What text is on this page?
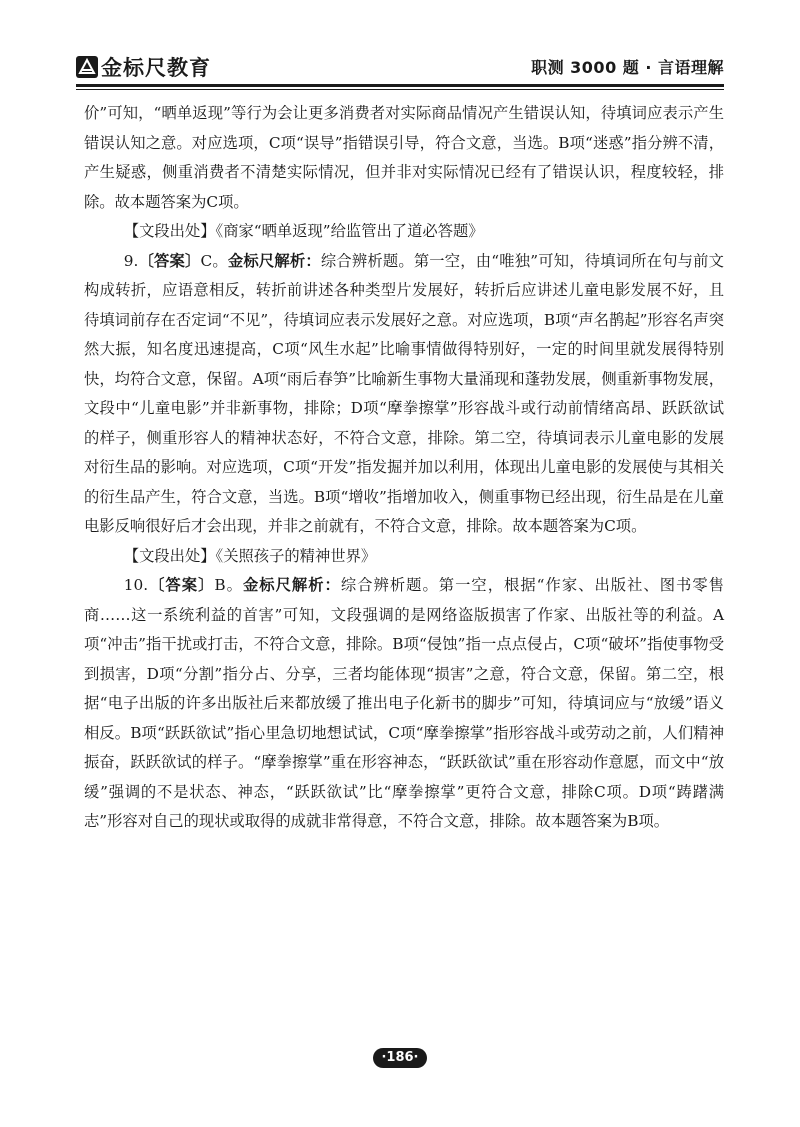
金标尺教育	职测 3000 题 · 言语理解

价”可知，“晒单返现”等行为会让更多消费者对实际商品情况产生错误认知，待填词应表示产生错误认知之意。对应选项，C项“误导”指错误引导，符合文意，当选。B项“迷惑”指分辨不清，产生疑惑，侧重消费者不清楚实际情况，但并非对实际情况已经有了错误认识，程度较轻，排除。故本题答案为C项。

【文段出处】《商家“晒单返现”给监管出了道必答题》

9.〔答案〕C。金标尺解析：综合辨析题。第一空，由“唯独”可知，待填词所在句与前文构成转折，应语意相反，转折前讲述各种类型片发展好，转折后应讲述儿童电影发展不好，且待填词前存在否定词“不见”，待填词应表示发展好之意。对应选项，B项“声名鹊起”形容名声突然大振，知名度迅速提高，C项“风生水起”比喻事情做得特别好，一定的时间里就发展得特别快，均符合文意，保留。A项“雨后春笋”比喻新生事物大量涌现和蓬勃发展，侧重新事物发展，文段中“儿童电影”并非新事物，排除；D项“摩拳擦掌”形容战斗或行动前情绪高昂、跃跃欲试的样子，侧重形容人的精神状态好，不符合文意，排除。第二空，待填词表示儿童电影的发展对衍生品的影响。对应选项，C项“开发”指发掘并加以利用，体现出儿童电影的发展使与其相关的衍生品产生，符合文意，当选。B项“增收”指增加收入，侧重事物已经出现，衍生品是在儿童电影反响很好后才会出现，并非之前就有，不符合文意，排除。故本题答案为C项。

【文段出处】《关照孩子的精神世界》

10.〔答案〕B。金标尺解析：综合辨析题。第一空，根据“作家、出版社、图书零售商……这一系统利益的首害”可知，文段强调的是网络盗版损害了作家、出版社等的利益。A项“冲击”指干扰或打击，不符合文意，排除。B项“侵蚀”指一点点侵占，C项“破坏”指使事物受到损害，D项“分割”指分占、分享，三者均能体现“损害”之意，符合文意，保留。第二空，根据“电子出版的许多出版社后来都放缓了推出电子化新书的脚步”可知，待填词应与“放缓”语义相反。B项“跃跃欲试”指心里急切地想试试，C项“摩拳擦掌”指形容战斗或劳动之前，人们精神振奋，跃跃欲试的样子。“摩拳擦掌”重在形容神态，“跃跃欲试”重在形容动作意愿，而文中“放缓”强调的不是状态、神态，“跃跃欲试”比“摩拳擦掌”更符合文意，排除C项。D项“踌躇满志”形容对自己的现状或取得的成就非常得意，不符合文意，排除。故本题答案为B项。

·186·
